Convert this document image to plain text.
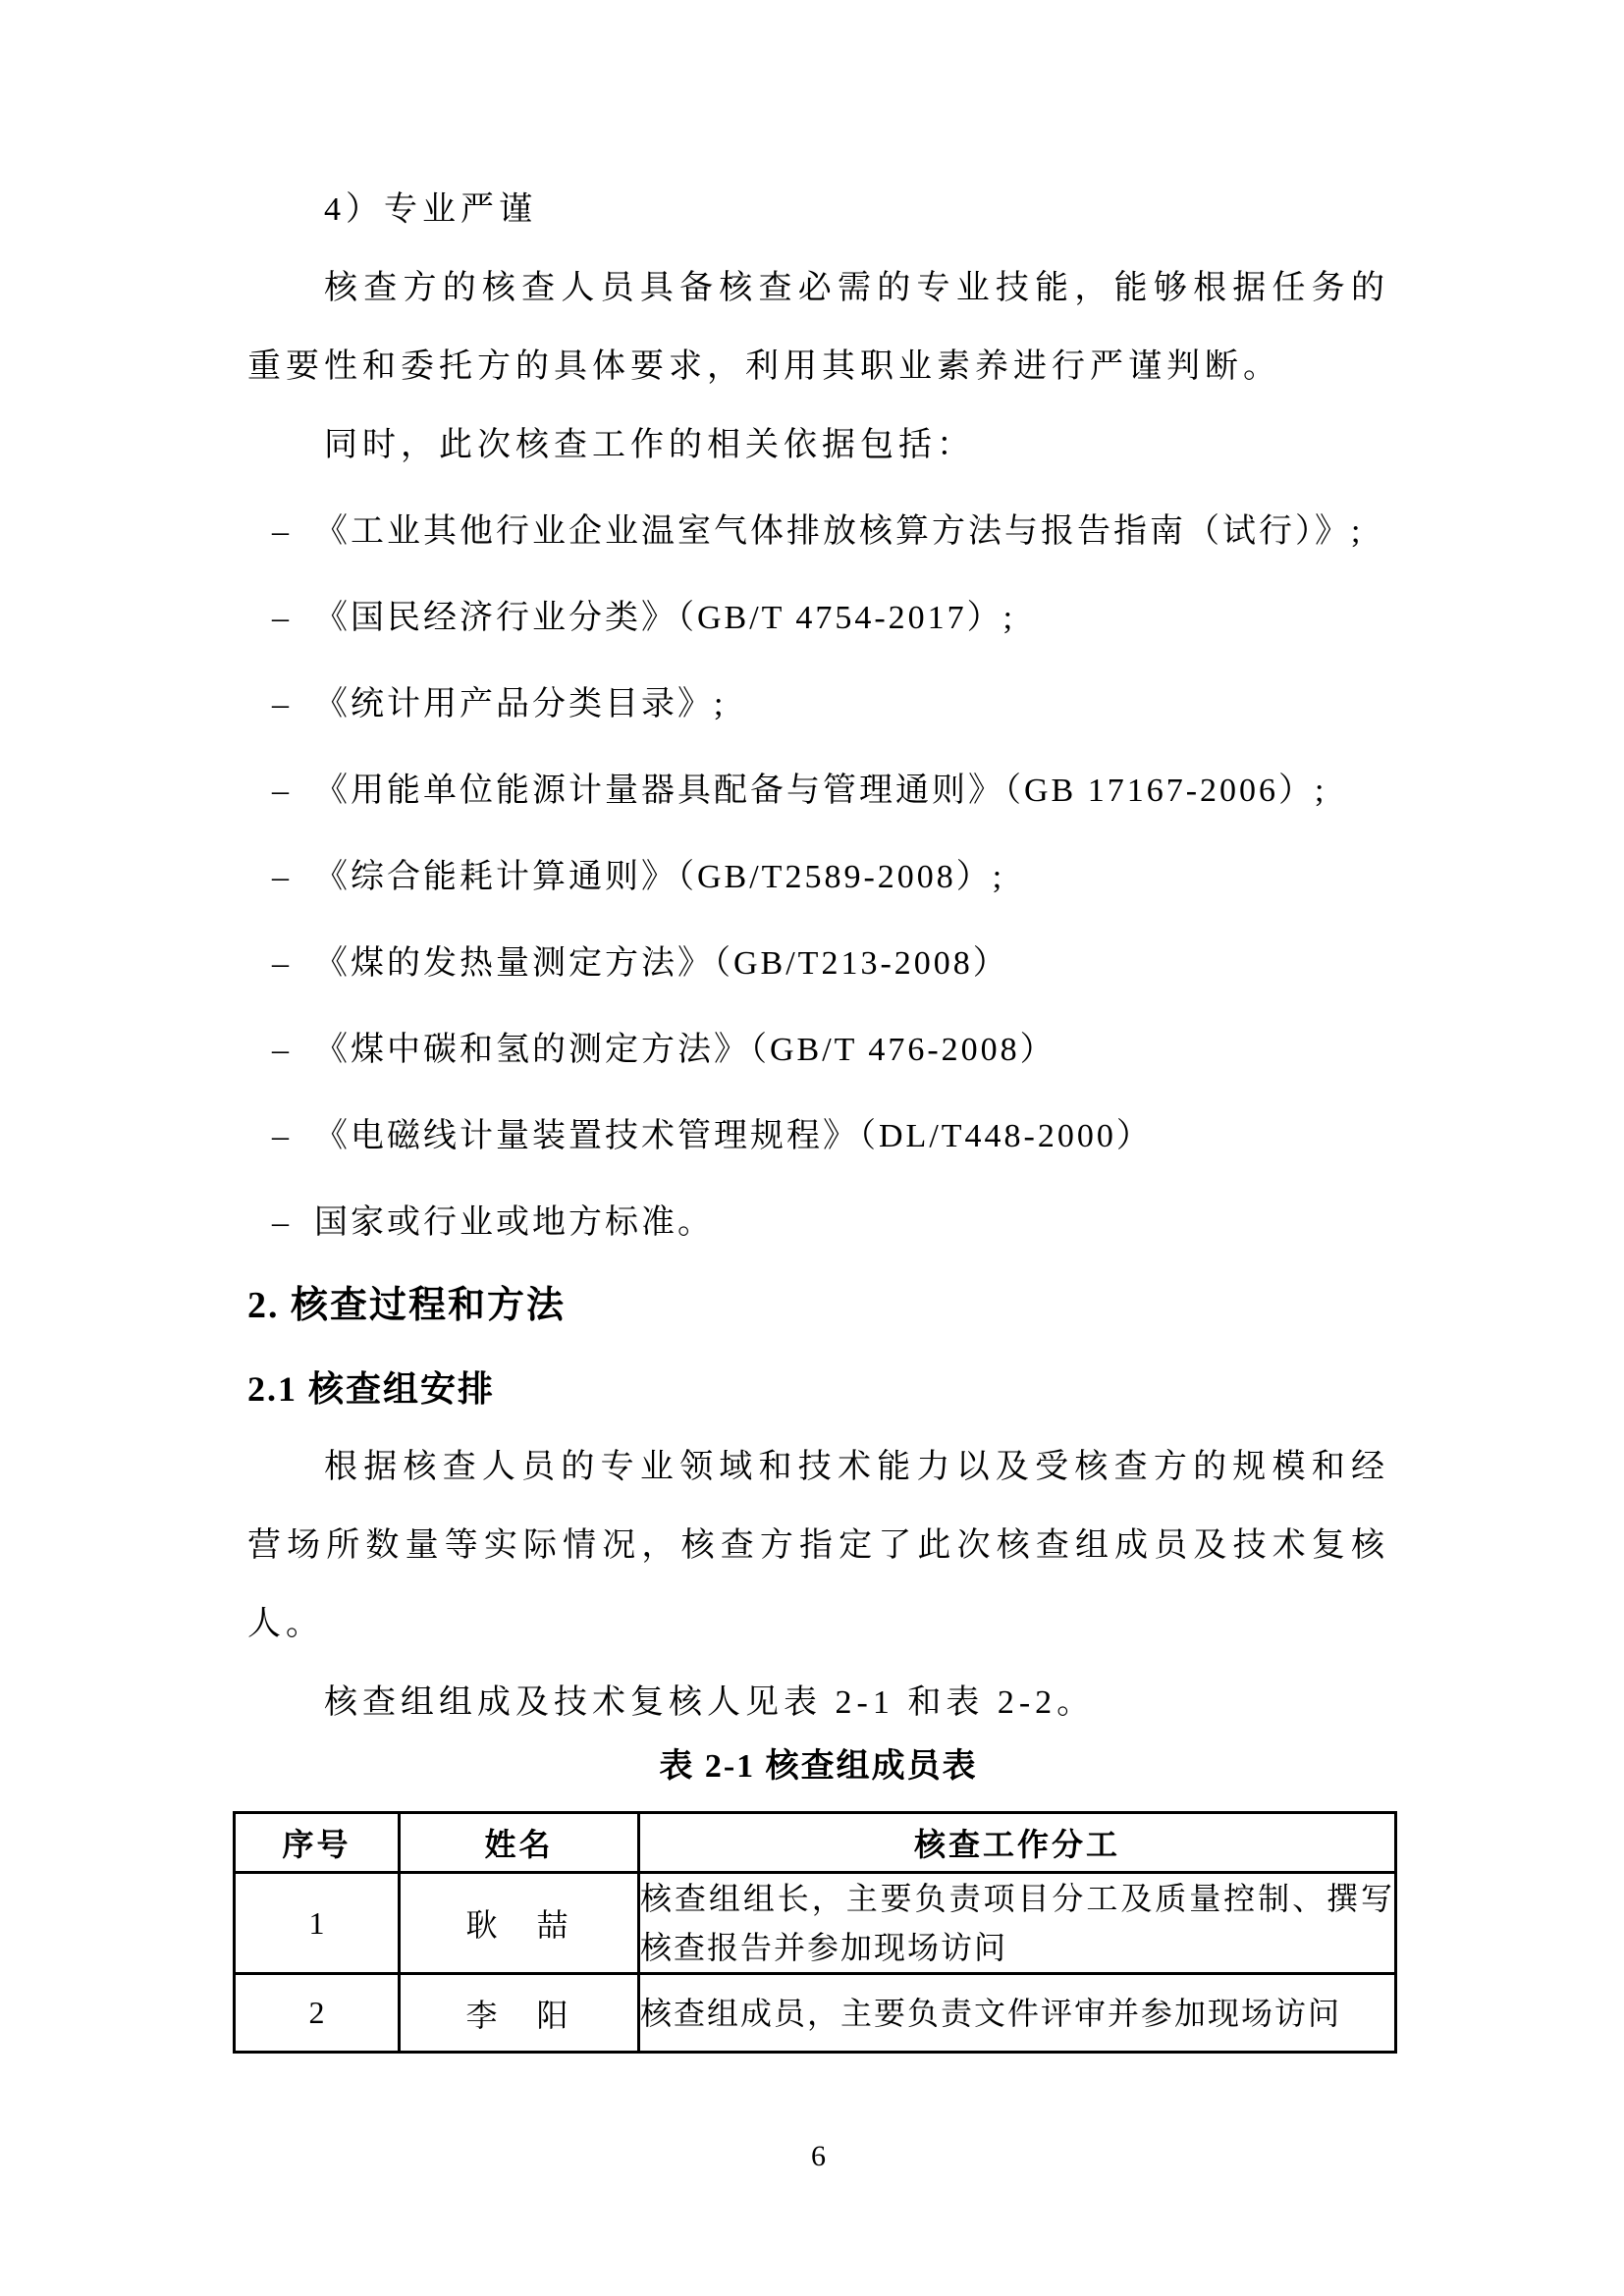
4）专业严谨

核查方的核查人员具备核查必需的专业技能，能够根据任务的重要性和委托方的具体要求，利用其职业素养进行严谨判断。

同时，此次核查工作的相关依据包括：

– 《工业其他行业企业温室气体排放核算方法与报告指南（试行）》;
– 《国民经济行业分类》（GB/T 4754-2017）;
– 《统计用产品分类目录》;
– 《用能单位能源计量器具配备与管理通则》（GB 17167-2006）;
– 《综合能耗计算通则》（GB/T2589-2008）;
– 《煤的发热量测定方法》（GB/T213-2008）
– 《煤中碳和氢的测定方法》（GB/T 476-2008）
– 《电磁线计量装置技术管理规程》（DL/T448-2000）
– 国家或行业或地方标准。
2. 核查过程和方法
2.1 核查组安排

根据核查人员的专业领域和技术能力以及受核查方的规模和经营场所数量等实际情况，核查方指定了此次核查组成员及技术复核人。

核查组组成及技术复核人见表 2-1 和表 2-2。

表 2-1 核查组成员表
序号	姓名	核查工作分工
1	耿　喆	核查组组长，主要负责项目分工及质量控制、撰写核查报告并参加现场访问
2	李　阳	核查组成员，主要负责文件评审并参加现场访问
6
